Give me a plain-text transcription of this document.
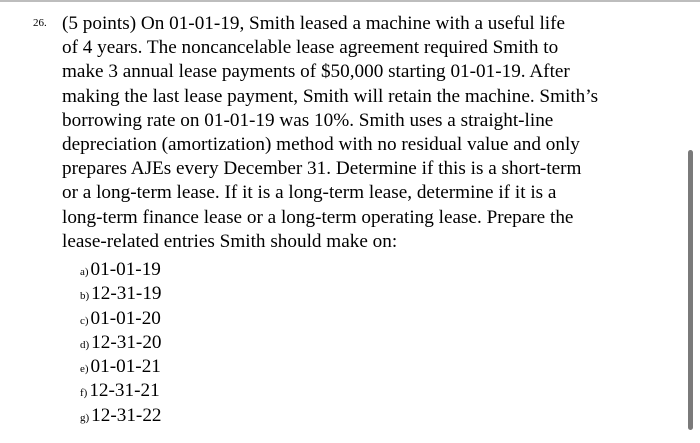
26. (5 points) On 01-01-19, Smith leased a machine with a useful life
of 4 years. The noncancelable lease agreement required Smith to
make 3 annual lease payments of $50,000 starting 01-01-19. After
making the last lease payment, Smith will retain the machine. Smith’s
borrowing rate on 01-01-19 was 10%. Smith uses a straight-line
depreciation (amortization) method with no residual value and only
prepares AJEs every December 31. Determine if this is a short-term
or a long-term lease. If it is a long-term lease, determine if it is a
long-term finance lease or a long-term operating lease. Prepare the
lease-related entries Smith should make on:
a) 01-01-19
b) 12-31-19
c) 01-01-20
d) 12-31-20
e) 01-01-21
f) 12-31-21
g) 12-31-22
